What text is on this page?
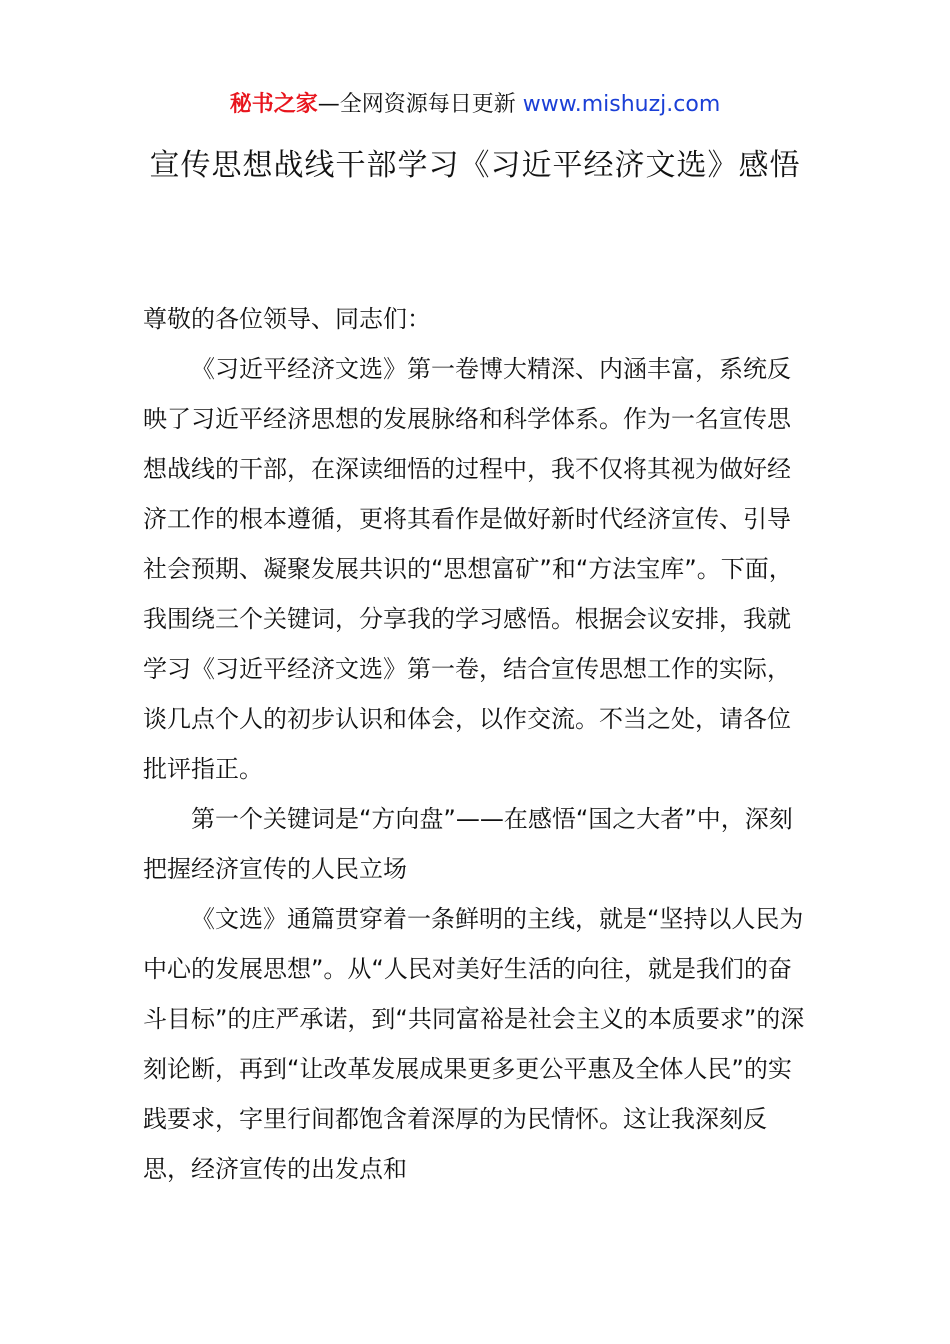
秘书之家—全网资源每日更新 www.mishuzj.com
宣传思想战线干部学习《习近平经济文选》感悟

尊敬的各位领导、同志们：

《习近平经济文选》第一卷博大精深、内涵丰富，系统反映了习近平经济思想的发展脉络和科学体系。作为一名宣传思想战线的干部，在深读细悟的过程中，我不仅将其视为做好经济工作的根本遵循，更将其看作是做好新时代经济宣传、引导社会预期、凝聚发展共识的“思想富矿”和“方法宝库”。下面，我围绕三个关键词，分享我的学习感悟。根据会议安排，我就学习《习近平经济文选》第一卷，结合宣传思想工作的实际，谈几点个人的初步认识和体会，以作交流。不当之处，请各位批评指正。

第一个关键词是“方向盘”——在感悟“国之大者”中，深刻把握经济宣传的人民立场

《文选》通篇贯穿着一条鲜明的主线，就是“坚持以人民为中心的发展思想”。从“人民对美好生活的向往，就是我们的奋斗目标”的庄严承诺，到“共同富裕是社会主义的本质要求”的深刻论断，再到“让改革发展成果更多更公平惠及全体人民”的实践要求，字里行间都饱含着深厚的为民情怀。这让我深刻反思，经济宣传的出发点和
